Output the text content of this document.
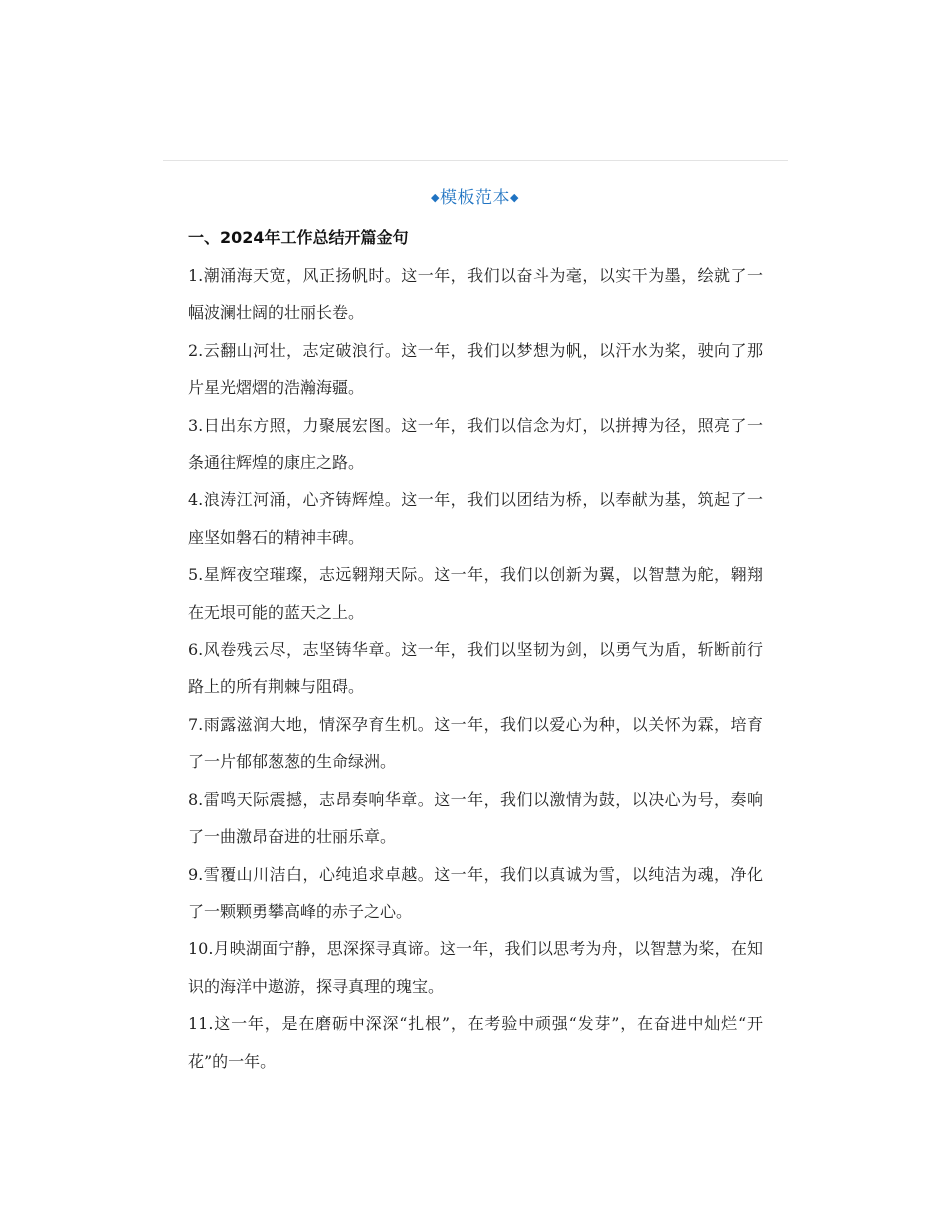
◆模板范本◆
一、2024年工作总结开篇金句

1.潮涌海天宽，风正扬帆时。这一年，我们以奋斗为毫，以实干为墨，绘就了一幅波澜壮阔的壮丽长卷。

2.云翻山河壮，志定破浪行。这一年，我们以梦想为帆，以汗水为桨，驶向了那片星光熠熠的浩瀚海疆。

3.日出东方照，力聚展宏图。这一年，我们以信念为灯，以拼搏为径，照亮了一条通往辉煌的康庄之路。

4.浪涛江河涌，心齐铸辉煌。这一年，我们以团结为桥，以奉献为基，筑起了一座坚如磐石的精神丰碑。

5.星辉夜空璀璨，志远翱翔天际。这一年，我们以创新为翼，以智慧为舵，翱翔在无垠可能的蓝天之上。

6.风卷残云尽，志坚铸华章。这一年，我们以坚韧为剑，以勇气为盾，斩断前行路上的所有荆棘与阻碍。

7.雨露滋润大地，情深孕育生机。这一年，我们以爱心为种，以关怀为霖，培育了一片郁郁葱葱的生命绿洲。

8.雷鸣天际震撼，志昂奏响华章。这一年，我们以激情为鼓，以决心为号，奏响了一曲激昂奋进的壮丽乐章。

9.雪覆山川洁白，心纯追求卓越。这一年，我们以真诚为雪，以纯洁为魂，净化了一颗颗勇攀高峰的赤子之心。

10.月映湖面宁静，思深探寻真谛。这一年，我们以思考为舟，以智慧为桨，在知识的海洋中遨游，探寻真理的瑰宝。

11.这一年，是在磨砺中深深“扎根”，在考验中顽强“发芽”，在奋进中灿烂“开花”的一年。
